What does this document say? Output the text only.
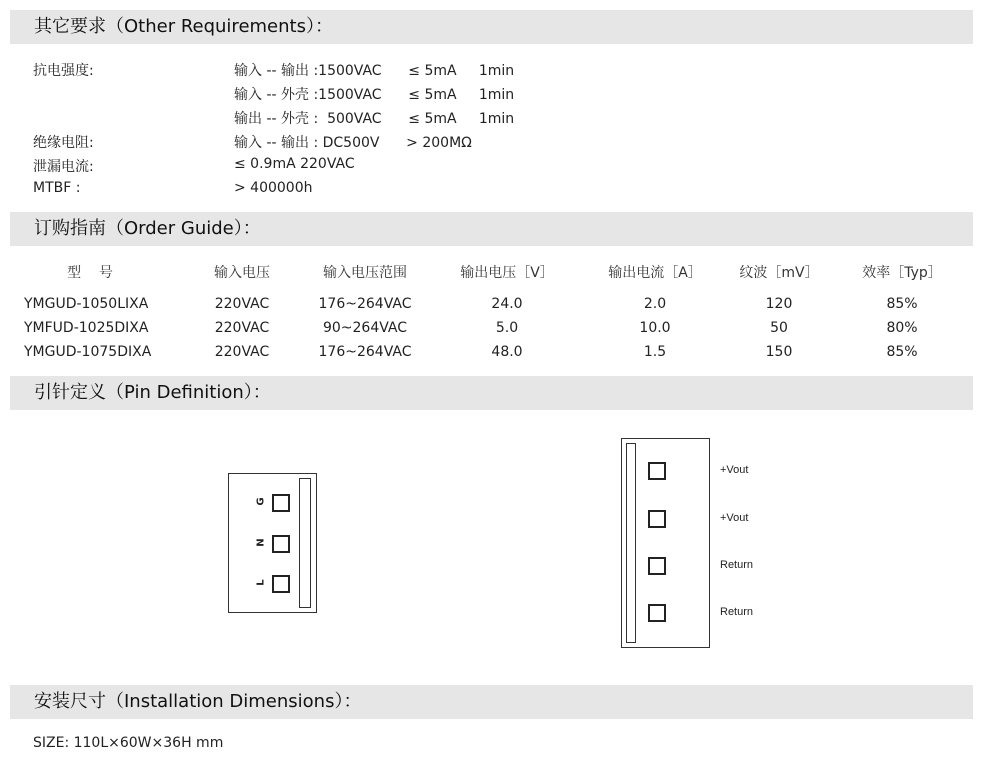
其它要求（Other Requirements）：
抗电强度:	输入 -- 输出 :1500VAC      ≤ 5mA     1min
输入 -- 外壳 :1500VAC      ≤ 5mA     1min
输出 -- 外壳 :  500VAC      ≤ 5mA     1min
绝缘电阻:	输入 -- 输出 : DC500V      > 200MΩ
泄漏电流:	≤ 0.9mA 220VAC
MTBF :	> 400000h
订购指南（Order Guide）：
型    号	输入电压	输入电压范围	输出电压［V］	输出电流［A］	纹波［mV］	效率［Typ］
YMGUD-1050LIXA	220VAC	176~264VAC	24.0	2.0	120	85%
YMFUD-1025DIXA	220VAC	90~264VAC	5.0	10.0	50	80%
YMGUD-1075DIXA	220VAC	176~264VAC	48.0	1.5	150	85%
引针定义（Pin Definition）：
G
N
L
+Vout
+Vout
Return
Return
安装尺寸（Installation Dimensions）：
SIZE: 110L×60W×36H mm
